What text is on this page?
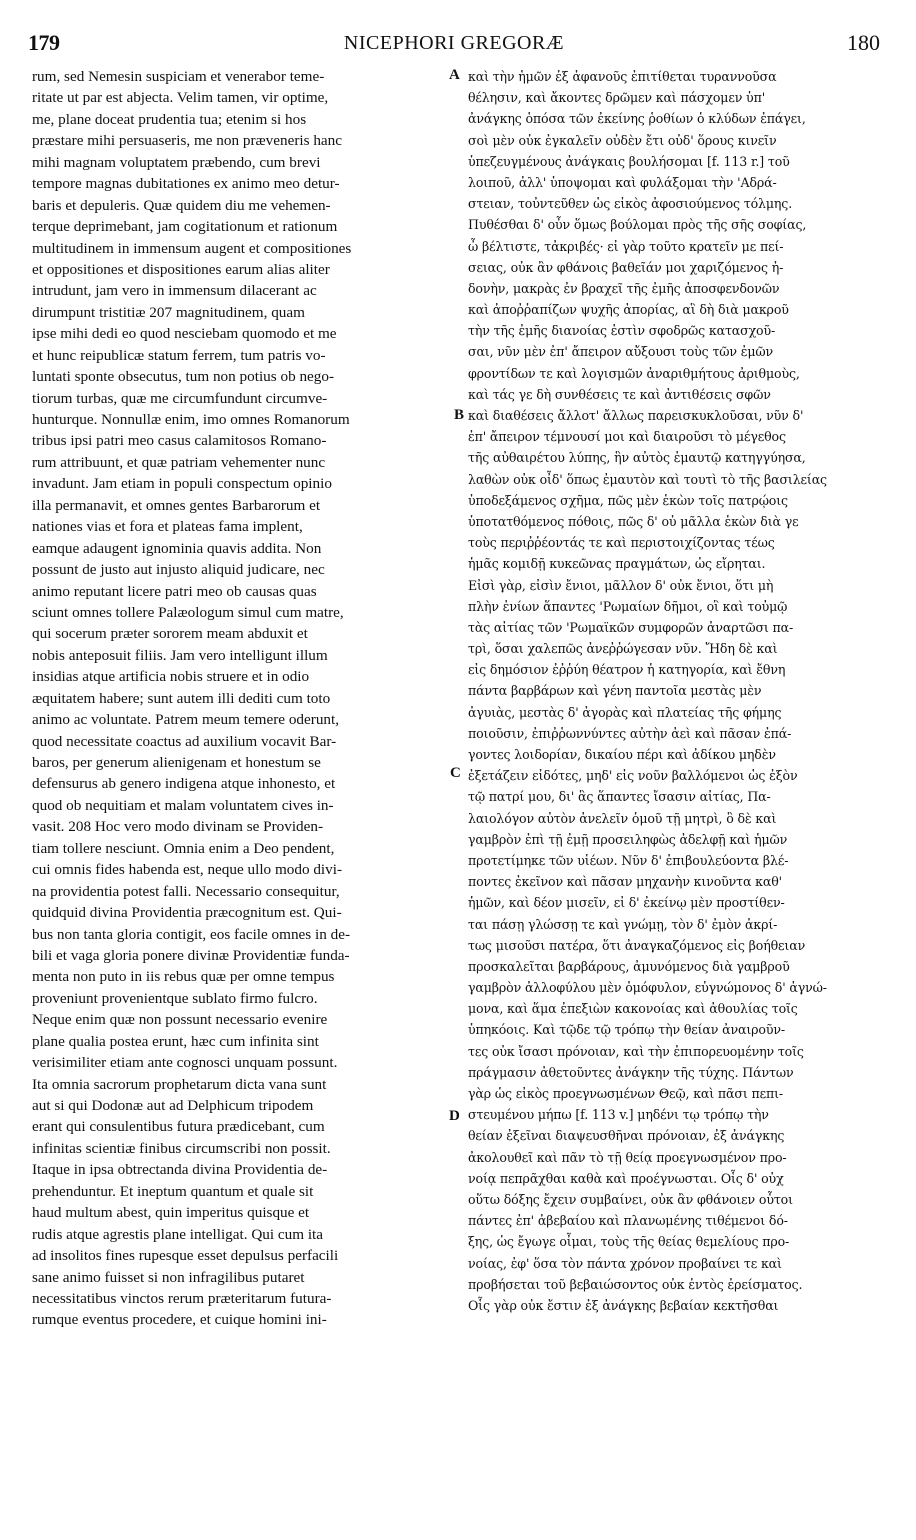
179	NICEPHORI GREGORÆ	180
rum, sed Nemesin suspiciam et venerabor teme-
ritate ut par est abjecta. Velim tamen, vir optime,
me, plane doceat prudentia tua; etenim si hos
præstare mihi persuaseris, me non præveneris hanc
mihi magnam voluptatem præbendo, cum brevi
tempore magnas dubitationes ex animo meo detur-
baris et depuleris. Quæ quidem diu me vehemen-
terque deprimebant, jam cogitationum et rationum
multitudinem in immensum augent et compositiones
et oppositiones et dispositiones earum alias aliter
intrudunt, jam vero in immensum dilacerant ac
dirumpunt tristitiæ 207 magnitudinem, quam
ipse mihi dedi eo quod nesciebam quomodo et me
et hunc reipublicæ statum ferrem, tum patris vo-
luntati sponte obsecutus, tum non potius ob nego-
tiorum turbas, quæ me circumfundunt circumve-
hunturque. Nonnullæ enim, imo omnes Romanorum
tribus ipsi patri meo casus calamitosos Romano-
rum attribuunt, et quæ patriam vehementer nunc
invadunt. Jam etiam in populi conspectum opinio
illa permanavit, et omnes gentes Barbarorum et
nationes vias et fora et plateas fama implent,
eamque adaugent ignominia quavis addita. Non
possunt de justo aut injusto aliquid judicare, nec
animo reputant licere patri meo ob causas quas
sciunt omnes tollere Palæologum simul cum matre,
qui socerum præter sororem meam abduxit et
nobis anteposuit filiis. Jam vero intelligunt illum
insidias atque artificia nobis struere et in odio
æquitatem habere; sunt autem illi dediti cum toto
animo ac voluntate. Patrem meum temere oderunt,
quod necessitate coactus ad auxilium vocavit Bar-
baros, per generum alienigenam et honestum se
defensurus ab genero indigena atque inhonesto, et
quod ob nequitiam et malam voluntatem cives in-
vasit. 208 Hoc vero modo divinam se Providen-
tiam tollere nesciunt. Omnia enim a Deo pendent,
cui omnis fides habenda est, neque ullo modo divi-
na providentia potest falli. Necessario consequitur,
quidquid divina Providentia præcognitum est. Qui-
bus non tanta gloria contigit, eos facile omnes in de-
bili et vaga gloria ponere divinæ Providentiæ funda-
menta non puto in iis rebus quæ per omne tempus
proveniunt provenientque sublato firmo fulcro.
Neque enim quæ non possunt necessario evenire
plane qualia postea erunt, hæc cum infinita sint
verisimiliter etiam ante cognosci unquam possunt.
Ita omnia sacrorum prophetarum dicta vana sunt
aut si qui Dodonæ aut ad Delphicum tripodem
erant qui consulentibus futura prædicebant, cum
infinitas scientiæ finibus circumscribi non possit.
Itaque in ipsa obtrectanda divina Providentia de-
prehenduntur. Et ineptum quantum et quale sit
haud multum abest, quin imperitus quisque et
rudis atque agrestis plane intelligat. Qui cum ita
ad insolitos fines rupesque esset depulsus perfacili
sane animo fuisset si non infragilibus putaret
necessitatibus vinctos rerum præteritarum futura-
rumque eventus procedere, et cuique homini ini-
καὶ τὴν ἡμῶν ἐξ ἀφανοῦς ἐπιτίθεται τυραννοῦσα
θέλησιν, καὶ ἄκοντες δρῶμεν καὶ πάσχομεν ὑπ'
ἀνάγκης ὁπόσα τῶν ἐκείνης ῥοθίων ὁ κλύδων ἐπάγει,
σοὶ μὲν οὐκ ἐγκαλεῖν οὐδὲν ἔτι οὐδ' ὅρους κινεῖν
ὑπεζευγμένους ἀνάγκαις βουλήσομαι [f. 113 r.] τοῦ
λοιποῦ, ἀλλ' ὑποψομαι καὶ φυλάξομαι τὴν 'Αδρά-
στειαν, τοὐντεῦθεν ὡς εἰκὸς ἀφοσιούμενος τόλμης.
Πυθέσθαι δ' οὖν ὅμως βούλομαι πρὸς τῆς σῆς σοφίας,
ὦ βέλτιστε, τἀκριβές· εἰ γὰρ τοῦτο κρατεῖν με πεί-
σειας, οὐκ ἂν φθάνοις βαθεῖάν μοι χαριζόμενος ἡ-
δονὴν, μακρὰς ἐν βραχεῖ τῆς ἐμῆς ἀποσφενδονῶν
καὶ ἀποῤῥαπίζων ψυχῆς ἀπορίας, αἳ δὴ διὰ μακροῦ
τὴν τῆς ἐμῆς διανοίας ἐστὶν σφοδρῶς κατασχοῦ-
σαι, νῦν μὲν ἐπ' ἄπειρον αὔξουσι τοὺς τῶν ἐμῶν
φροντίδων τε καὶ λογισμῶν ἀναριθμήτους ἀριθμοὺς,
καὶ τάς γε δὴ συνθέσεις τε καὶ ἀντιθέσεις σφῶν
καὶ διαθέσεις ἄλλοτ' ἄλλως παρεισκυκλοῦσαι, νῦν δ'
ἐπ' ἄπειρον τέμνουσί μοι καὶ διαιροῦσι τὸ μέγεθος
τῆς αὐθαιρέτου λύπης, ἣν αὐτὸς ἐμαυτῷ κατηγγύησα,
λαθὼν οὐκ οἶδ' ὅπως ἐμαυτὸν καὶ τουτὶ τὸ τῆς βασιλείας
ὑποδεξάμενος σχῆμα, πῶς μὲν ἑκὼν τοῖς πατρῴοις
ὑποτατθόμενος πόθοις, πῶς δ' οὐ μᾶλλα ἑκὼν διὰ γε
τοὺς περιῤῥέοντάς τε καὶ περιστοιχίζοντας τέως
ἡμᾶς κομιδῇ κυκεῶνας πραγμάτων, ὡς εἴρηται.
Εἰσὶ γὰρ, εἰσὶν ἔνιοι, μᾶλλον δ' οὐκ ἔνιοι, ὅτι μὴ
πλὴν ἐνίων ἅπαντες 'Ρωμαίων δῆμοι, οἳ καὶ τοὐμῷ
τὰς αἰτίας τῶν 'Ρωμαϊκῶν συμφορῶν ἀναρτῶσι πα-
τρὶ, ὅσαι χαλεπῶς ἀνεῤῥώγεσαν νῦν. Ἤδη δὲ καὶ
εἰς δημόσιον ἐῤῥύη θέατρον ἡ κατηγορία, καὶ ἔθνη
πάντα βαρβάρων καὶ γένη παντοῖα μεστὰς μὲν
ἀγυιὰς, μεστὰς δ' ἀγορὰς καὶ πλατείας τῆς φήμης
ποιοῦσιν, ἐπιῤῥωννύντες αὐτὴν ἀεὶ καὶ πᾶσαν ἐπά-
γοντες λοιδορίαν, δικαίου πέρι καὶ ἀδίκου μηδὲν
ἐξετάζειν εἰδότες, μηδ' εἰς νοῦν βαλλόμενοι ὡς ἐξὸν
τῷ πατρί μου, δι' ἃς ἅπαντες ἴσασιν αἰτίας, Πα-
λαιολόγον αὐτὸν ἀνελεῖν ὁμοῦ τῇ μητρὶ, ὃ δὲ καὶ
γαμβρὸν ἐπὶ τῇ ἐμῇ προσειληφὼς ἀδελφῇ καὶ ἡμῶν
προτετίμηκε τῶν υἱέων. Νῦν δ' ἐπιβουλεύοντα βλέ-
ποντες ἐκεῖνον καὶ πᾶσαν μηχανὴν κινοῦντα καθ'
ἡμῶν, καὶ δέον μισεῖν, εἰ δ' ἐκείνῳ μὲν προστίθεν-
ται πάσῃ γλώσσῃ τε καὶ γνώμῃ, τὸν δ' ἐμὸν ἀκρί-
τως μισοῦσι πατέρα, ὅτι ἀναγκαζόμενος εἰς βοήθειαν
προσκαλεῖται βαρβάρους, ἀμυνόμενος διὰ γαμβροῦ
γαμβρὸν ἀλλοφύλου μὲν ὁμόφυλον, εὐγνώμονος δ' ἀγνώ-
μονα, καὶ ἅμα ἐπεξιὼν κακονοίας καὶ ἀθουλίας τοῖς
ὑπηκόοις. Καὶ τῷδε τῷ τρόπῳ τὴν θείαν ἀναιροῦν-
τες οὐκ ἴσασι πρόνοιαν, καὶ τὴν ἐπιπορευομένην τοῖς
πράγμασιν ἀθετοῦντες ἀνάγκην τῆς τύχης. Πάντων
γὰρ ὡς εἰκὸς προεγνωσμένων Θεῷ, καὶ πᾶσι πεπι-
στευμένου μήπω [f. 113 v.] μηδένι τῳ τρόπῳ τὴν
θείαν ἐξεῖναι διαψευσθῆναι πρόνοιαν, ἐξ ἀνάγκης
ἀκολουθεῖ καὶ πᾶν τὸ τῇ θείᾳ προεγνωσμένον προ-
νοίᾳ πεπρᾶχθαι καθὰ καὶ προέγνωσται. Οἷς δ' οὐχ
οὕτω δόξης ἔχειν συμβαίνει, οὐκ ἂν φθάνοιεν οὗτοι
πάντες ἐπ' ἀβεβαίου καὶ πλανωμένης τιθέμενοι δό-
ξης, ὡς ἔγωγε οἶμαι, τοὺς τῆς θείας θεμελίους προ-
νοίας, ἐφ' ὅσα τὸν πάντα χρόνον προβαίνει τε καὶ
προβήσεται τοῦ βεβαιώσοντος οὐκ ἐντὸς ἐρείσματος.
Οἷς γὰρ οὐκ ἔστιν ἐξ ἀνάγκης βεβαίαν κεκτῆσθαι
A
B
C
D
